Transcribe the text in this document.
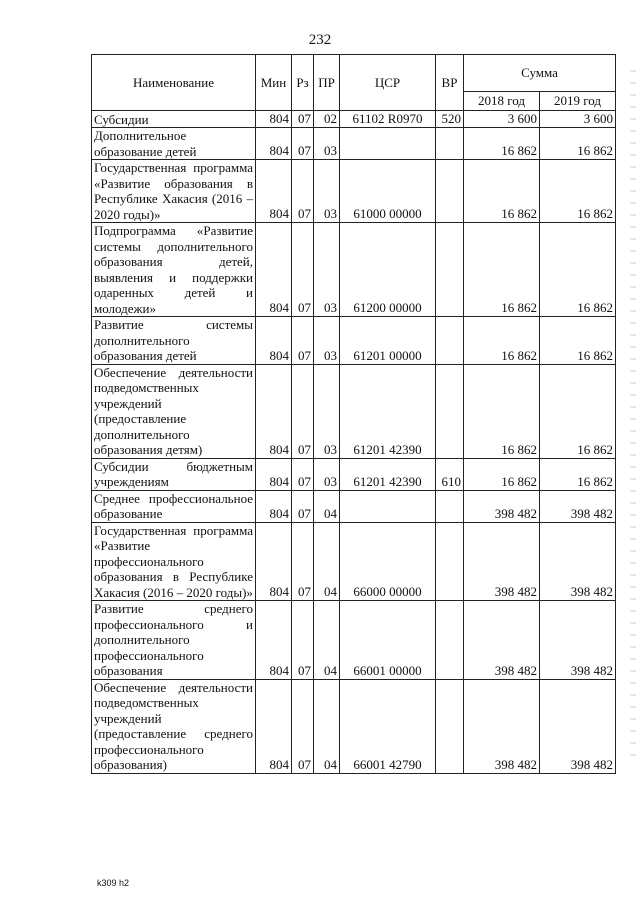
232
Наименование	Мин	Рз	ПР	ЦСР	ВР	Сумма	
						2018 год	2019 год
Субсидии	804	07	02	61102 R0970	520	3 600	3 600
Дополнительное образование детей	804	07	03			16 862	16 862
Государственная программа «Развитие образования в Республике Хакасия (2016 – 2020 годы)»	804	07	03	61000 00000		16 862	16 862
Подпрограмма «Развитие системы дополнительного образования детей, выявления и поддержки одаренных детей и молодежи»	804	07	03	61200 00000		16 862	16 862
Развитие системы дополнительного образования детей	804	07	03	61201 00000		16 862	16 862
Обеспечение деятельности подведомственных учреждений (предоставление дополнительного образования детям)	804	07	03	61201 42390		16 862	16 862
Субсидии бюджетным учреждениям	804	07	03	61201 42390	610	16 862	16 862
Среднее профессиональное образование	804	07	04			398 482	398 482
Государственная программа «Развитие профессионального образования в Республике Хакасия (2016 – 2020 годы)»	804	07	04	66000 00000		398 482	398 482
Развитие среднего профессионального и дополнительного профессионального образования	804	07	04	66001 00000		398 482	398 482
Обеспечение деятельности подведомственных учреждений (предоставление среднего профессионального образования)	804	07	04	66001 42790		398 482	398 482
k309 h2
